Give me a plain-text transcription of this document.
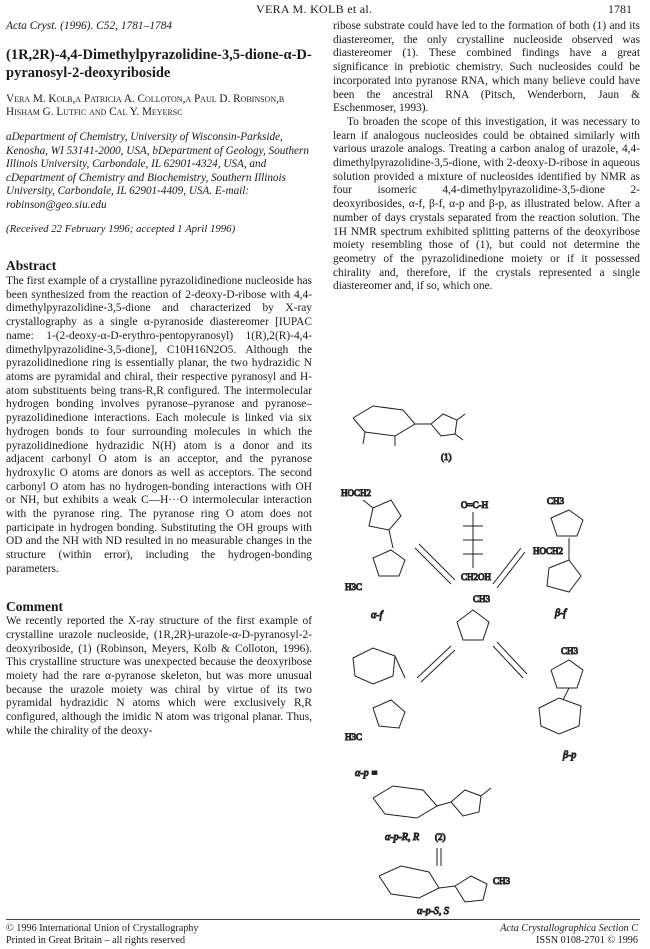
VERA M. KOLB et al.	1781
Acta Cryst. (1996). C52, 1781–1784
(1R,2R)-4,4-Dimethylpyrazolidine-3,5-dione-α-D-pyranosyl-2-deoxyriboside
Vera M. Kolb,a Patricia A. Colloton,a Paul D. Robinson,b Hisham G. Lutfic and Cal Y. Meyersc
aDepartment of Chemistry, University of Wisconsin-Parkside, Kenosha, WI 53141-2000, USA, bDepartment of Geology, Southern Illinois University, Carbondale, IL 62901-4324, USA, and cDepartment of Chemistry and Biochemistry, Southern Illinois University, Carbondale, IL 62901-4409, USA. E-mail: robinson@geo.siu.edu
(Received 22 February 1996; accepted 1 April 1996)
Abstract

The first example of a crystalline pyrazolidinedione nucleoside has been synthesized from the reaction of 2-deoxy-D-ribose with 4,4-dimethylpyrazolidine-3,5-dione and characterized by X-ray crystallography as a single α-pyranoside diastereomer [IUPAC name: 1-(2-deoxy-α-D-erythro-pentopyranosyl) 1(R),2(R)-4,4-dimethylpyrazolidine-3,5-dione], C10H16N2O5. Although the pyrazolidinedione ring is essentially planar, the two hydrazidic N atoms are pyramidal and chiral, their respective pyranosyl and H-atom substituents being trans-R,R configured. The intermolecular hydrogen bonding involves pyranose–pyranose and pyranose–pyrazolidinedione interactions. Each molecule is linked via six hydrogen bonds to four surrounding molecules in which the pyrazolidinedione hydrazidic N(H) atom is a donor and its adjacent carbonyl O atom is an acceptor, and the pyranose hydroxylic O atoms are donors as well as acceptors. The second carbonyl O atom has no hydrogen-bonding interactions with OH or NH, but exhibits a weak C—H···O intermolecular interaction with the pyranose ring. The pyranose ring O atom does not participate in hydrogen bonding. Substituting the OH groups with OD and the NH with ND resulted in no measurable changes in the structure (within error), including the hydrogen-bonding parameters.

Comment

We recently reported the X-ray structure of the first example of crystalline urazole nucleoside, (1R,2R)-urazole-α-D-pyranosyl-2-deoxyriboside, (1) (Robinson, Meyers, Kolb & Colloton, 1996). This crystalline structure was unexpected because the deoxyribose moiety had the rare α-pyranose skeleton, but was more unusual because the urazole moiety was chiral by virtue of its two pyramidal hydrazidic N atoms which were exclusively R,R configured, although the imidic N atom was trigonal planar. Thus, while the chirality of the deoxy-

ribose substrate could have led to the formation of both (1) and its diastereomer, the only crystalline nucleoside observed was diastereomer (1). These combined findings have a great significance in prebiotic chemistry. Such nucleosides could be incorporated into pyranose RNA, which many believe could have been the ancestral RNA (Pitsch, Wenderborn, Jaun & Eschenmoser, 1993).

To broaden the scope of this investigation, it was necessary to learn if analogous nucleosides could be obtained similarly with various urazole analogs. Treating a carbon analog of urazole, 4,4-dimethylpyrazolidine-3,5-dione, with 2-deoxy-D-ribose in aqueous solution provided a mixture of nucleosides identified by NMR as four isomeric 4,4-dimethylpyrazolidine-3,5-dione 2-deoxyribosides, α-f, β-f, α-p and β-p, as illustrated below. After a number of days crystals separated from the reaction solution. The 1H NMR spectrum exhibited splitting patterns of the deoxyribose moiety resembling those of (1), but could not determine the geometry of the pyrazolidinedione moiety or if it possessed chirality and, therefore, if the crystals represented a single diastereomer and, if so, which one.

(1)
HOCH2
H3C
α-f
O=C-H
CH2OH
CH3
CH3
HOCH2
β-f
H3C
α-p ≡
CH3
β-p
α-p-R, R (2)
CH3
α-p-S, S
© 1996 International Union of Crystallography
Printed in Great Britain – all rights reserved
Acta Crystallographica Section C
ISSN 0108-2701 © 1996
